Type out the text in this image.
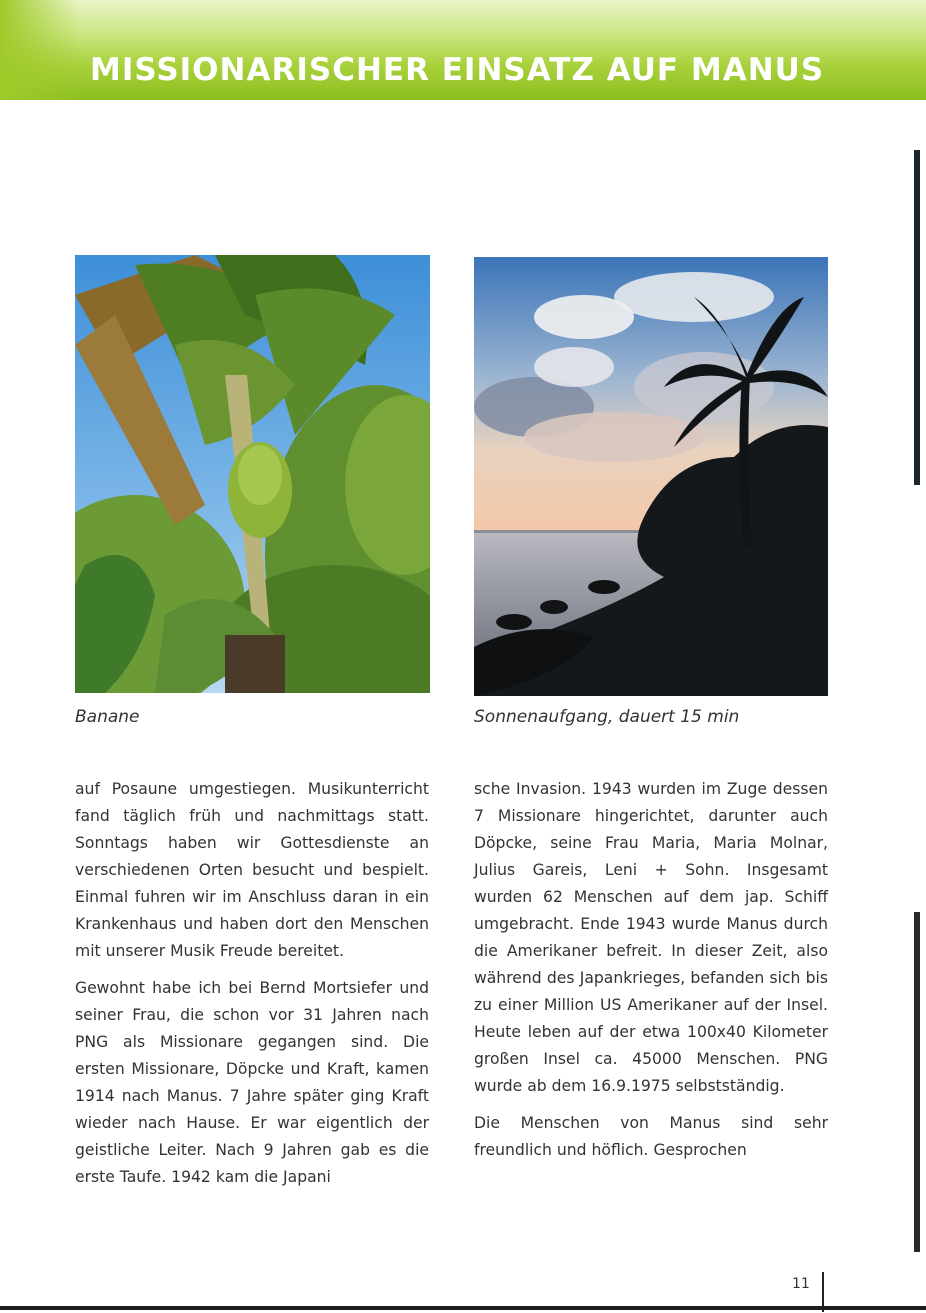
MISSIONARISCHER EINSATZ AUF MANUS

Banane	Sonnenaufgang, dauert 15 min

auf Posaune umgestiegen. Musikunterricht fand täglich früh und nachmittags statt. Sonntags haben wir Gottesdienste an verschiedenen Orten besucht und bespielt. Einmal fuhren wir im Anschluss daran in ein Krankenhaus und haben dort den Menschen mit unserer Musik Freude bereitet.

Gewohnt habe ich bei Bernd Mortsiefer und seiner Frau, die schon vor 31 Jahren nach PNG als Missionare gegangen sind. Die ersten Missionare, Döpcke und Kraft, kamen 1914 nach Manus. 7 Jahre später ging Kraft wieder nach Hause. Er war eigentlich der geistliche Leiter. Nach 9 Jahren gab es die erste Taufe. 1942 kam die Japani

sche Invasion. 1943 wurden im Zuge dessen 7 Missionare hingerichtet, darunter auch Döpcke, seine Frau Maria, Maria Molnar, Julius Gareis, Leni + Sohn. Insgesamt wurden 62 Menschen auf dem jap. Schiff umgebracht. Ende 1943 wurde Manus durch die Amerikaner befreit. In dieser Zeit, also während des Japankrieges, befanden sich bis zu einer Million US Amerikaner auf der Insel. Heute leben auf der etwa 100x40 Kilometer großen Insel ca. 45000 Menschen. PNG wurde ab dem 16.9.1975 selbstständig.

Die Menschen von Manus sind sehr freundlich und höflich. Gesprochen

11
